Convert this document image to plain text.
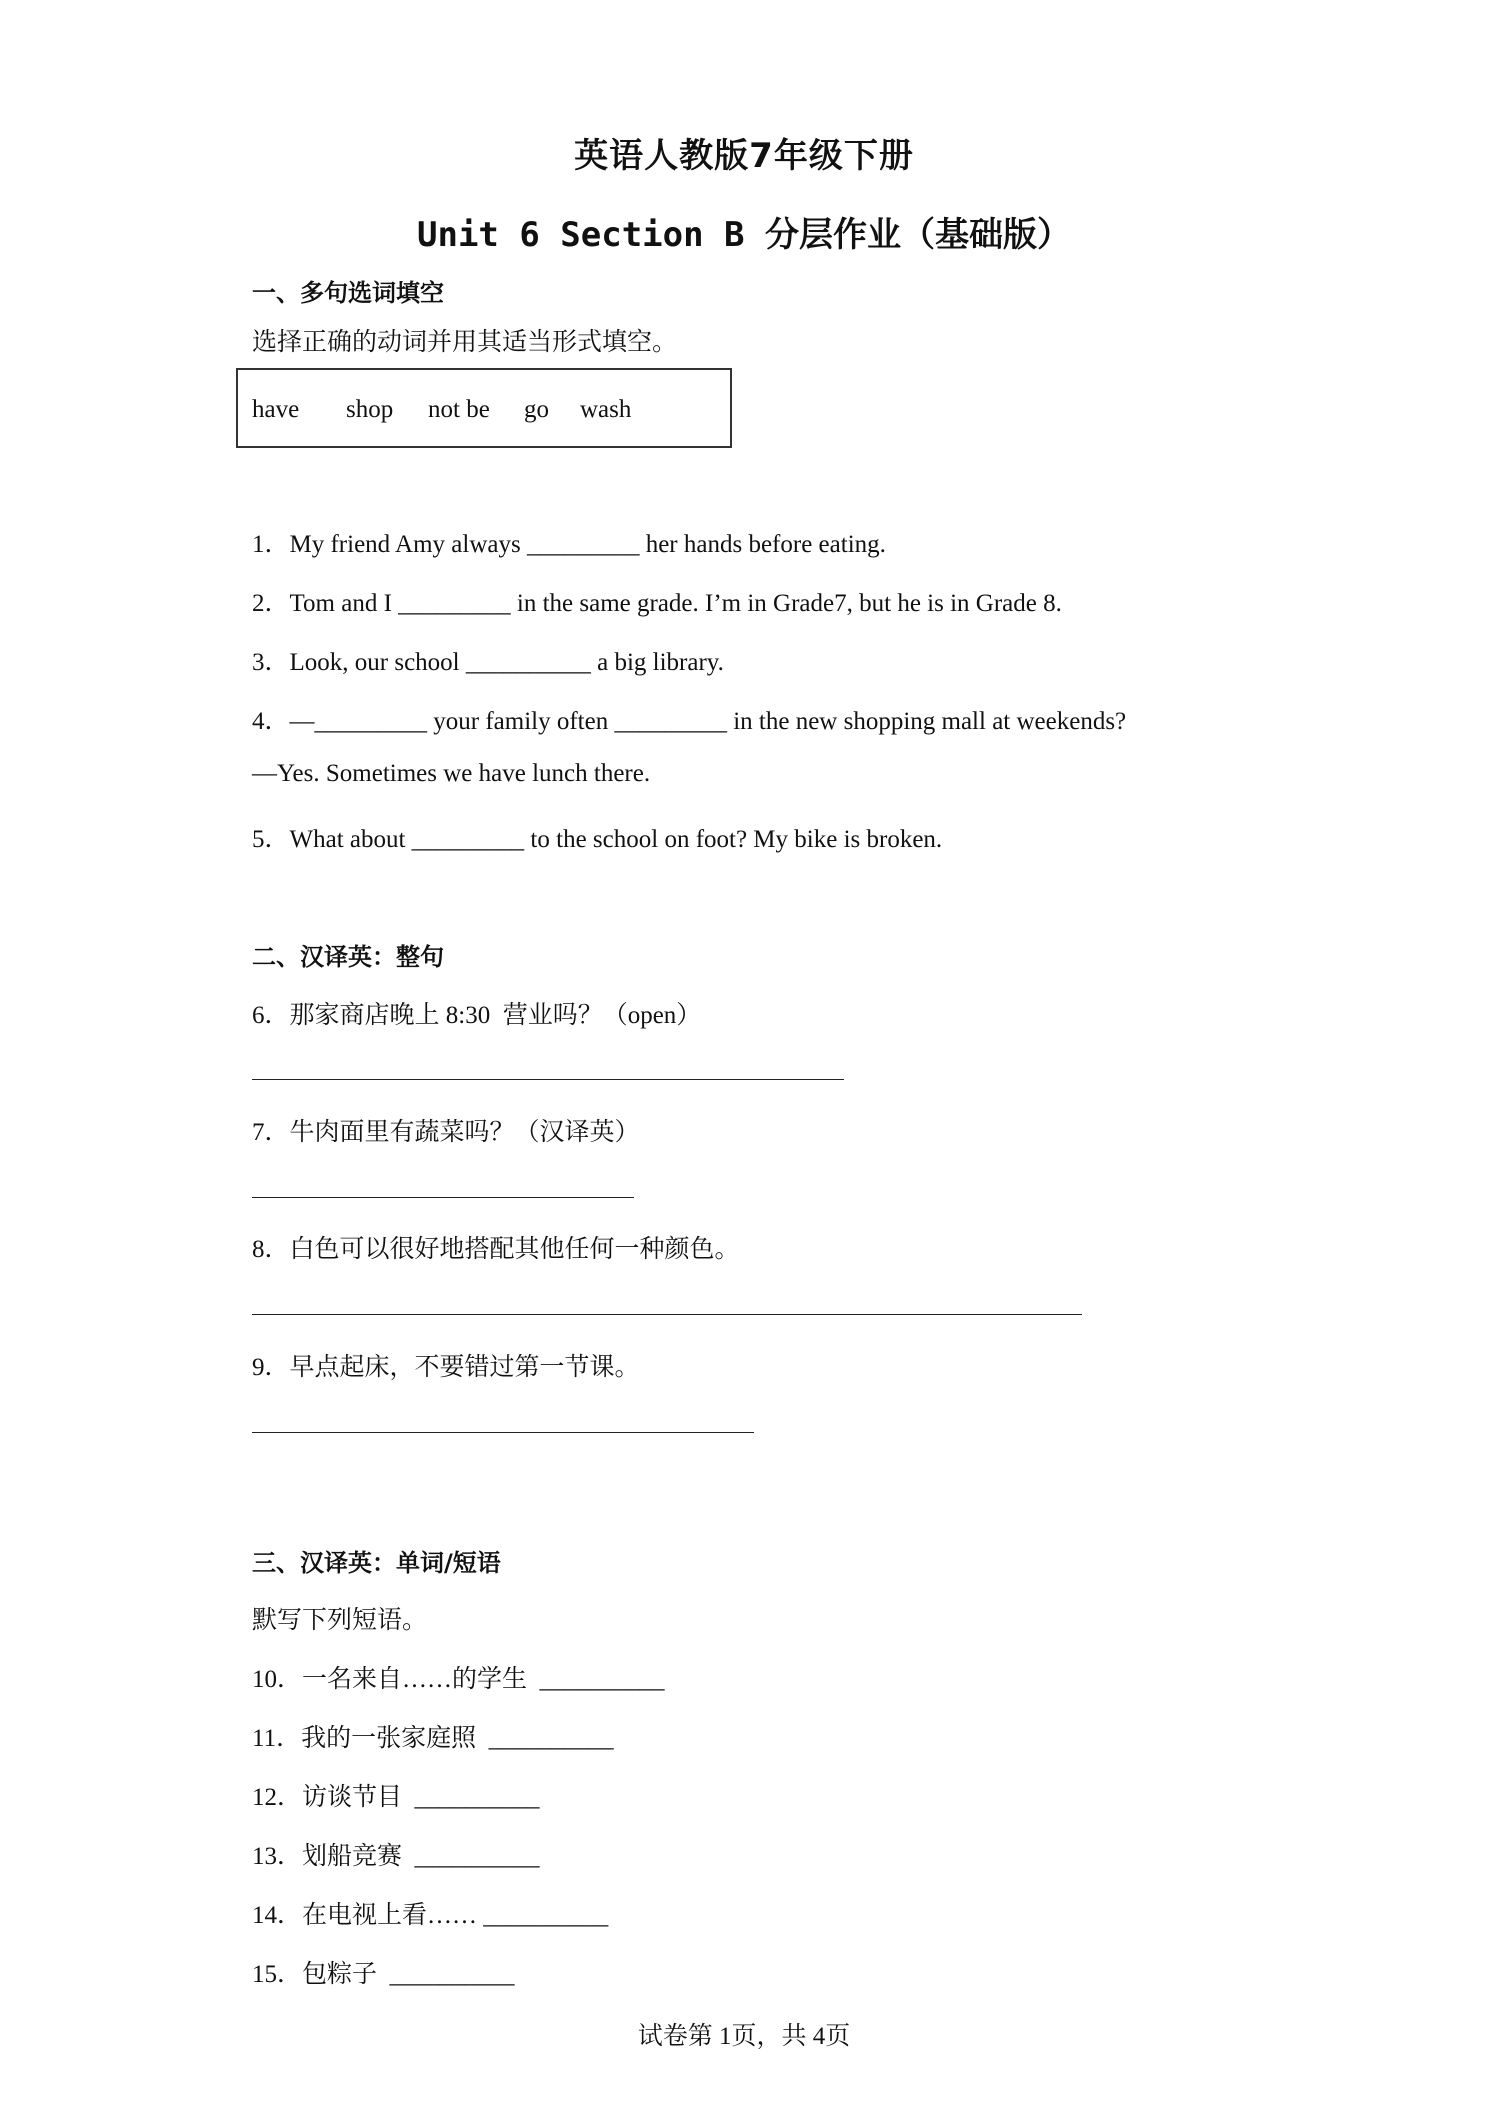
英语人教版7年级下册
Unit 6 Section B 分层作业（基础版）
一、多句选词填空
选择正确的动词并用其适当形式填空。
have shop not be go wash
1．My friend Amy always _________ her hands before eating.
2．Tom and I _________ in the same grade. I’m in Grade7, but he is in Grade 8.
3．Look, our school __________ a big library.
4．—_________ your family often _________ in the new shopping mall at weekends?
—Yes. Sometimes we have lunch there.
5．What about _________ to the school on foot? My bike is broken.
二、汉译英：整句
6．那家商店晚上 8:30  营业吗？（open）
7．牛肉面里有蔬菜吗？（汉译英）
8．白色可以很好地搭配其他任何一种颜色。
9．早点起床，不要错过第一节课。
三、汉译英：单词/短语
默写下列短语。
10．一名来自……的学生  __________
11．我的一张家庭照  __________
12．访谈节目  __________
13．划船竞赛  __________
14．在电视上看…… __________
15．包粽子  __________
试卷第 1页，共 4页
